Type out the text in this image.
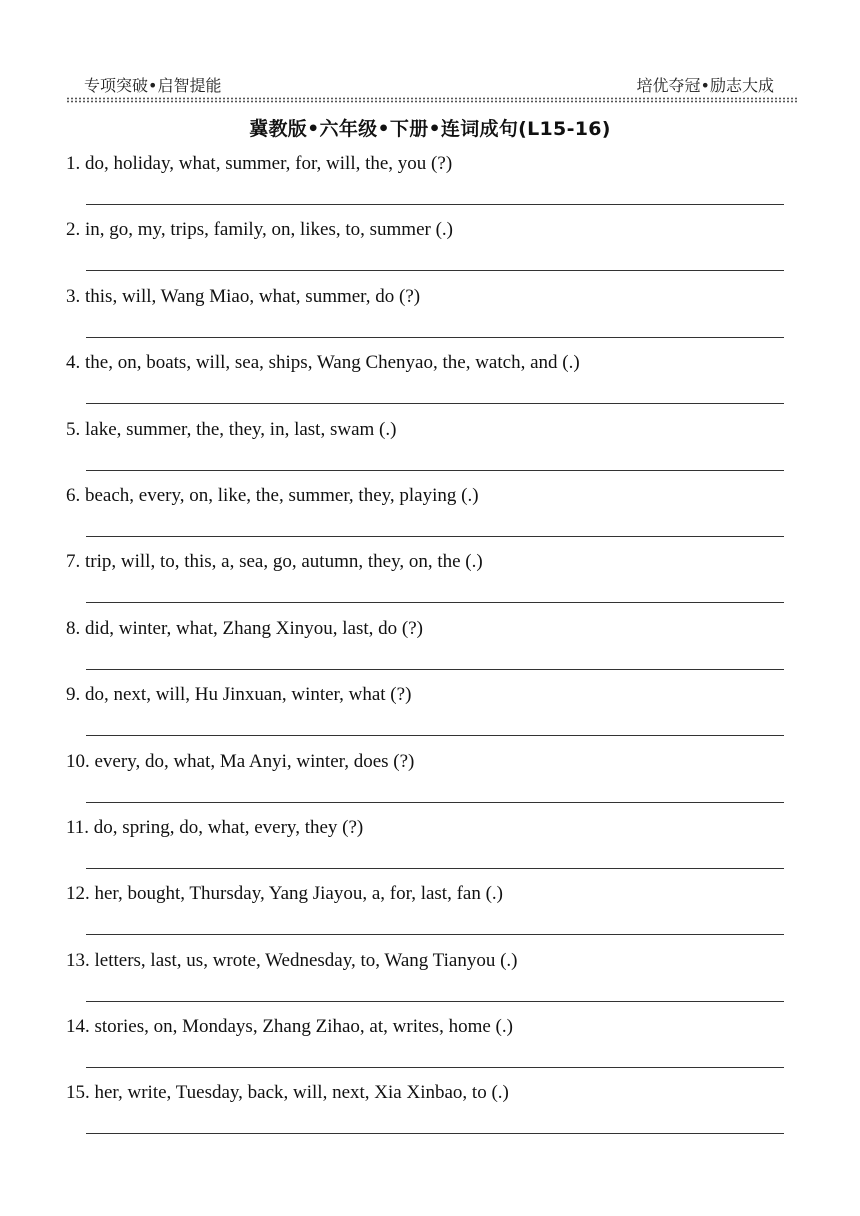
专项突破•启智提能	培优夺冠•励志大成
冀教版•六年级•下册•连词成句(L15-16)
1. do, holiday, what, summer, for, will, the, you (?)
2. in, go, my, trips, family, on, likes, to, summer (.)
3. this, will, Wang Miao, what, summer, do (?)
4. the, on, boats, will, sea, ships, Wang Chenyao, the, watch, and (.)
5. lake, summer, the, they, in, last, swam (.)
6. beach, every, on, like, the, summer, they, playing (.)
7. trip, will, to, this, a, sea, go, autumn, they, on, the (.)
8. did, winter, what, Zhang Xinyou, last, do (?)
9. do, next, will, Hu Jinxuan, winter, what (?)
10. every, do, what, Ma Anyi, winter, does (?)
11. do, spring, do, what, every, they (?)
12. her, bought, Thursday, Yang Jiayou, a, for, last, fan (.)
13. letters, last, us, wrote, Wednesday, to, Wang Tianyou (.)
14. stories, on, Mondays, Zhang Zihao, at, writes, home (.)
15. her, write, Tuesday, back, will, next, Xia Xinbao, to (.)
